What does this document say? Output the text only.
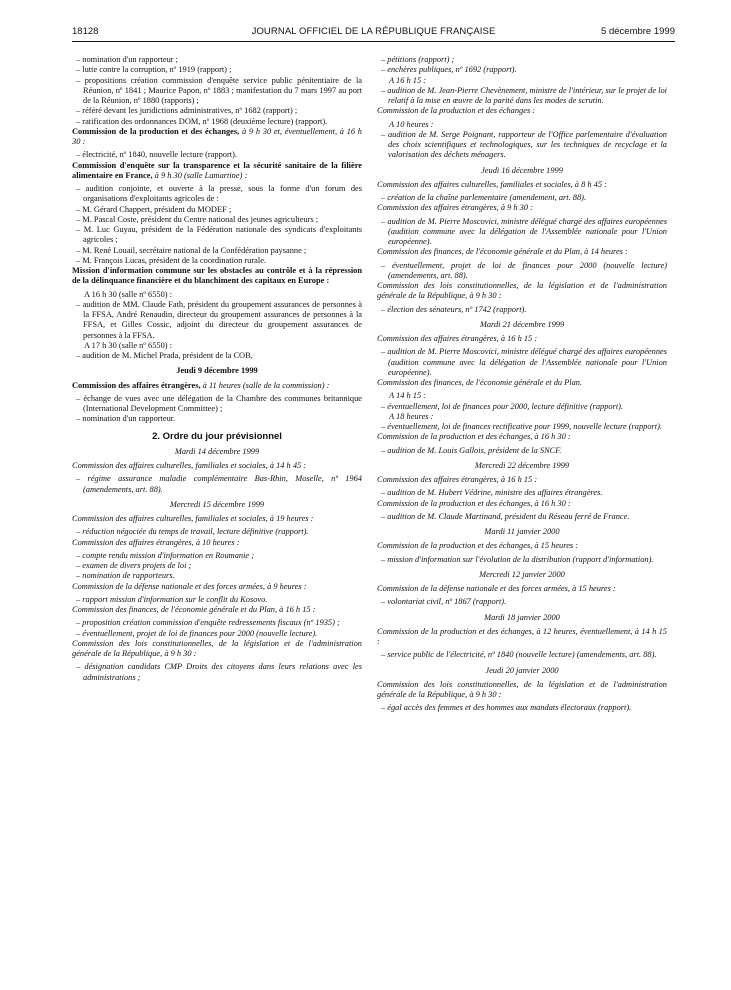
18128	JOURNAL OFFICIEL DE LA RÉPUBLIQUE FRANÇAISE	5 décembre 1999

– nomination d'un rapporteur ;

– lutte contre la corruption, nº 1919 (rapport) ;

– propositions création commission d'enquête service public pénitentiaire de la Réunion, nº 1841 ; Maurice Papon, nº 1883 ; manifestation du 7 mars 1997 au port de la Réunion, nº 1880 (rapports) ;

– référé devant les juridictions administratives, nº 1682 (rapport) ;

– ratification des ordonnances DOM, nº 1968 (deuxième lecture) (rapport).

Commission de la production et des échanges, à 9 h 30 et, éventuellement, à 16 h 30 :

– électricité, nº 1840, nouvelle lecture (rapport).

Commission d'enquête sur la transparence et la sécurité sanitaire de la filière alimentaire en France, à 9 h 30 (salle Lamartine) :

– audition conjointe, et ouverte à la presse, sous la forme d'un forum des organisations d'exploitants agricoles de :

– M. Gérard Chappert, président du MODEF ;

– M. Pascal Coste, président du Centre national des jeunes agriculteurs ;

– M. Luc Guyau, président de la Fédération nationale des syndicats d'exploitants agricoles ;

– M. René Louail, secrétaire national de la Confédération paysanne ;

– M. François Lucas, président de la coordination rurale.

Mission d'information commune sur les obstacles au contrôle et à la répression de la délinquance financière et du blanchiment des capitaux en Europe :

A 16 h 30 (salle nº 6550) :

– audition de MM. Claude Fath, président du groupement assurances de personnes à la FFSA, André Renaudin, directeur du groupement assurances de personnes à la FFSA, et Gilles Cossic, adjoint du directeur du groupement assurances de personnes à la FFSA.

A 17 h 30 (salle nº 6550) :

– audition de M. Michel Prada, président de la COB.

Jeudi 9 décembre 1999

Commission des affaires étrangères, à 11 heures (salle de la commission) :

– échange de vues avec une délégation de la Chambre des communes britannique (International Development Committee) ;

– nomination d'un rapporteur.

2. Ordre du jour prévisionnel

Mardi 14 décembre 1999

Commission des affaires culturelles, familiales et sociales, à 14 h 45 :

– régime assurance maladie complémentaire Bas-Rhin, Moselle, nº 1964 (amendements, art. 88).

Mercredi 15 décembre 1999

Commission des affaires culturelles, familiales et sociales, à 19 heures :

– réduction négociée du temps de travail, lecture définitive (rapport).

Commission des affaires étrangères, à 10 heures :

– compte rendu mission d'information en Roumanie ;

– examen de divers projets de loi ;

– nomination de rapporteurs.

Commission de la défense nationale et des forces armées, à 9 heures :

– rapport mission d'information sur le conflit du Kosovo.

Commission des finances, de l'économie générale et du Plan, à 16 h 15 :

– proposition création commission d'enquête redressements fiscaux (nº 1935) ;

– éventuellement, projet de loi de finances pour 2000 (nouvelle lecture).

Commission des lois constitutionnelles, de la législation et de l'administration générale de la République, à 9 h 30 :

– désignation candidats CMP Droits des citoyens dans leurs relations avec les administrations ;

– pétitions (rapport) ;

– enchères publiques, nº 1692 (rapport).

A 16 h 15 :

– audition de M. Jean-Pierre Chevènement, ministre de l'intérieur, sur le projet de loi relatif à la mise en œuvre de la parité dans les modes de scrutin.

Commission de la production et des échanges :

A 10 heures :

– audition de M. Serge Poignant, rapporteur de l'Office parlementaire d'évaluation des choix scientifiques et technologiques, sur les techniques de recyclage et la valorisation des déchets ménagers.

Jeudi 16 décembre 1999

Commission des affaires culturelles, familiales et sociales, à 8 h 45 :

– création de la chaîne parlementaire (amendement, art. 88).

Commission des affaires étrangères, à 9 h 30 :

– audition de M. Pierre Moscovici, ministre délégué chargé des affaires européennes (audition commune avec la délégation de l'Assemblée nationale pour l'Union européenne).

Commission des finances, de l'économie générale et du Plan, à 14 heures :

– éventuellement, projet de loi de finances pour 2000 (nouvelle lecture) (amendements, art. 88).

Commission des lois constitutionnelles, de la législation et de l'administration générale de la République, à 9 h 30 :

– élection des sénateurs, nº 1742 (rapport).

Mardi 21 décembre 1999

Commission des affaires étrangères, à 16 h 15 :

– audition de M. Pierre Moscovici, ministre délégué chargé des affaires européennes (audition commune avec la délégation de l'Assemblée nationale pour l'Union européenne).

Commission des finances, de l'économie générale et du Plan.

A 14 h 15 :

– éventuellement, loi de finances pour 2000, lecture définitive (rapport).

A 18 heures :

– éventuellement, loi de finances rectificative pour 1999, nouvelle lecture (rapport).

Commission de la production et des échanges, à 16 h 30 :

– audition de M. Louis Gallois, président de la SNCF.

Mercredi 22 décembre 1999

Commission des affaires étrangères, à 16 h 15 :

– audition de M. Hubert Védrine, ministre des affaires étrangères.

Commission de la production et des échanges, à 16 h 30 :

– audition de M. Claude Martinand, président du Réseau ferré de France.

Mardi 11 janvier 2000

Commission de la production et des échanges, à 15 heures :

– mission d'information sur l'évolution de la distribution (rapport d'information).

Mercredi 12 janvier 2000

Commission de la défense nationale et des forces armées, à 15 heures :

– volontariat civil, nº 1867 (rapport).

Mardi 18 janvier 2000

Commission de la production et des échanges, à 12 heures, éventuellement, à 14 h 15 :

– service public de l'électricité, nº 1840 (nouvelle lecture) (amendements, art. 88).

Jeudi 20 janvier 2000

Commission des lois constitutionnelles, de la législation et de l'administration générale de la République, à 9 h 30 :

– égal accès des femmes et des hommes aux mandats électoraux (rapport).
